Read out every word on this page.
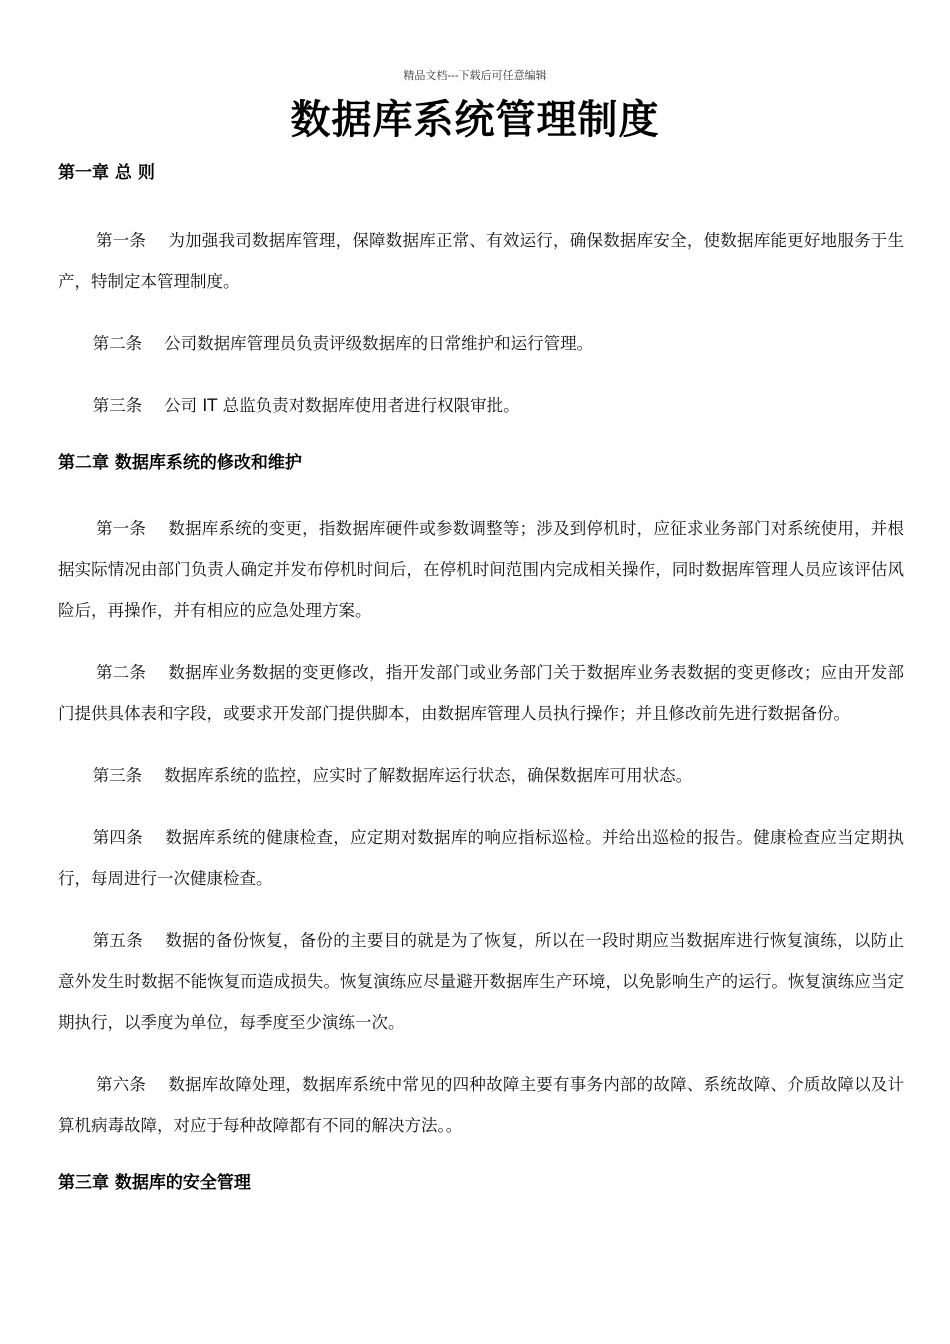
精品文档---下载后可任意编辑
数据库系统管理制度
第一章 总 则

第一条 为加强我司数据库管理，保障数据库正常、有效运行，确保数据库安全，使数据库能更好地服务于生产，特制定本管理制度。

第二条 公司数据库管理员负责评级数据库的日常维护和运行管理。

第三条 公司 IT 总监负责对数据库使用者进行权限审批。

第二章 数据库系统的修改和维护

第一条 数据库系统的变更，指数据库硬件或参数调整等；涉及到停机时，应征求业务部门对系统使用，并根据实际情况由部门负责人确定并发布停机时间后，在停机时间范围内完成相关操作，同时数据库管理人员应该评估风险后，再操作，并有相应的应急处理方案。

第二条 数据库业务数据的变更修改，指开发部门或业务部门关于数据库业务表数据的变更修改；应由开发部门提供具体表和字段，或要求开发部门提供脚本，由数据库管理人员执行操作；并且修改前先进行数据备份。

第三条 数据库系统的监控，应实时了解数据库运行状态，确保数据库可用状态。

第四条 数据库系统的健康检查，应定期对数据库的响应指标巡检。并给出巡检的报告。健康检查应当定期执行，每周进行一次健康检查。

第五条 数据的备份恢复，备份的主要目的就是为了恢复，所以在一段时期应当数据库进行恢复演练，以防止意外发生时数据不能恢复而造成损失。恢复演练应尽量避开数据库生产环境，以免影响生产的运行。恢复演练应当定期执行，以季度为单位，每季度至少演练一次。

第六条 数据库故障处理，数据库系统中常见的四种故障主要有事务内部的故障、系统故障、介质故障以及计算机病毒故障，对应于每种故障都有不同的解决方法。。

第三章 数据库的安全管理
